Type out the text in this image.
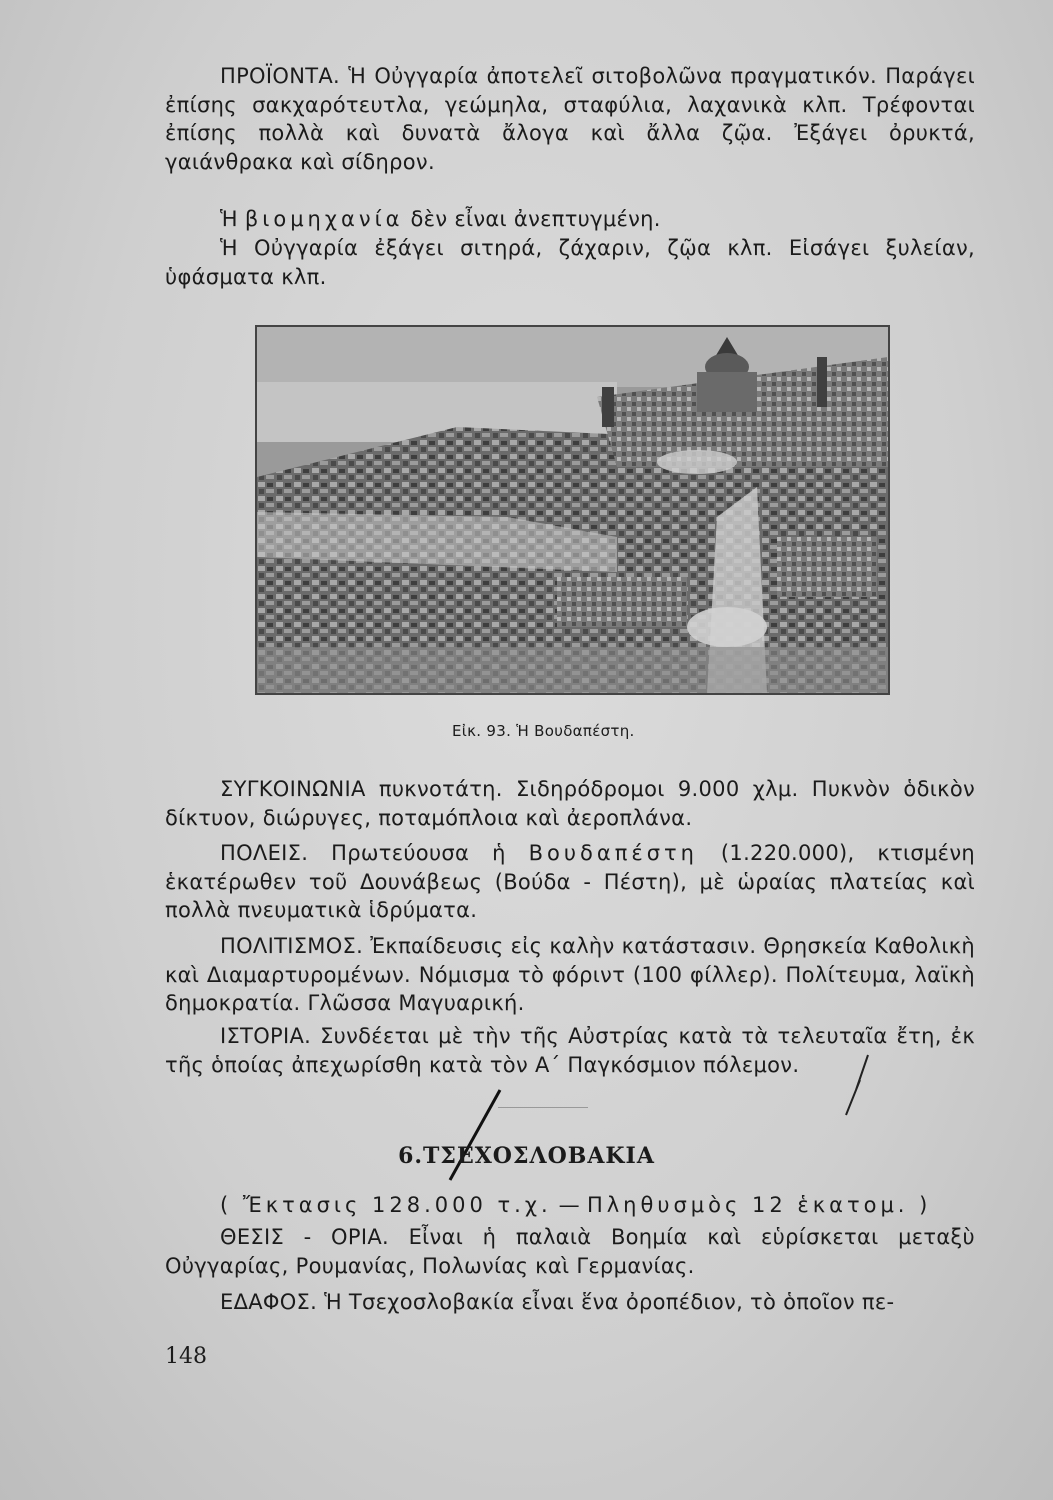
ΠΡΟΪΟΝΤΑ. Ἡ Οὐγγαρία ἀποτελεῖ σιτοβολῶνα πραγματικόν. Παράγει ἐπίσης σακχαρότευτλα, γεώμηλα, σταφύλια, λαχανικὰ κλπ. Τρέφονται ἐπίσης πολλὰ καὶ δυνατὰ ἄλογα καὶ ἄλλα ζῷα. Ἐξάγει ὀρυκτά, γαιάνθρακα καὶ σίδηρον.

Ἡ βιομηχανία δὲν εἶναι ἀνεπτυγμένη.

Ἡ Οὐγγαρία ἐξάγει σιτηρά, ζάχαριν, ζῷα κλπ. Εἰσάγει ξυλείαν, ὑφάσματα κλπ.

Εἰκ. 93. Ἡ Βουδαπέστη.

ΣΥΓΚΟΙΝΩΝΙΑ πυκνοτάτη. Σιδηρόδρομοι 9.000 χλμ. Πυκνὸν ὁδικὸν δίκτυον, διώρυγες, ποταμόπλοια καὶ ἀεροπλάνα.

ΠΟΛΕΙΣ. Πρωτεύουσα ἡ Βουδαπέστη (1.220.000), κτισμένη ἑκατέρωθεν τοῦ Δουνάβεως (Βούδα - Πέστη), μὲ ὡραίας πλατείας καὶ πολλὰ πνευματικὰ ἱδρύματα.

ΠΟΛΙΤΙΣΜΟΣ. Ἐκπαίδευσις εἰς καλὴν κατάστασιν. Θρησκεία Καθολικὴ καὶ Διαμαρτυρομένων. Νόμισμα τὸ φόριντ (100 φίλλερ). Πολίτευμα, λαϊκὴ δημοκρατία. Γλῶσσα Μαγυαρική.

ΙΣΤΟΡΙΑ. Συνδέεται μὲ τὴν τῆς Αὐστρίας κατὰ τὰ τελευταῖα ἔτη, ἐκ τῆς ὁποίας ἀπεχωρίσθη κατὰ τὸν Α΄ Παγκόσμιον πόλεμον.

6.ΤΣΕΧΟΣΛΟΒΑΚΙΑ

( Ἔκτασις 128.000 τ.χ. — Πληθυσμὸς 12 ἑκατομ. )

ΘΕΣΙΣ - ΟΡΙΑ. Εἶναι ἡ παλαιὰ Βοημία καὶ εὑρίσκεται μεταξὺ Οὐγγαρίας, Ρουμανίας, Πολωνίας καὶ Γερμανίας.

ΕΔΑΦΟΣ. Ἡ Τσεχοσλοβακία εἶναι ἕνα ὀροπέδιον, τὸ ὁποῖον πε-

148
